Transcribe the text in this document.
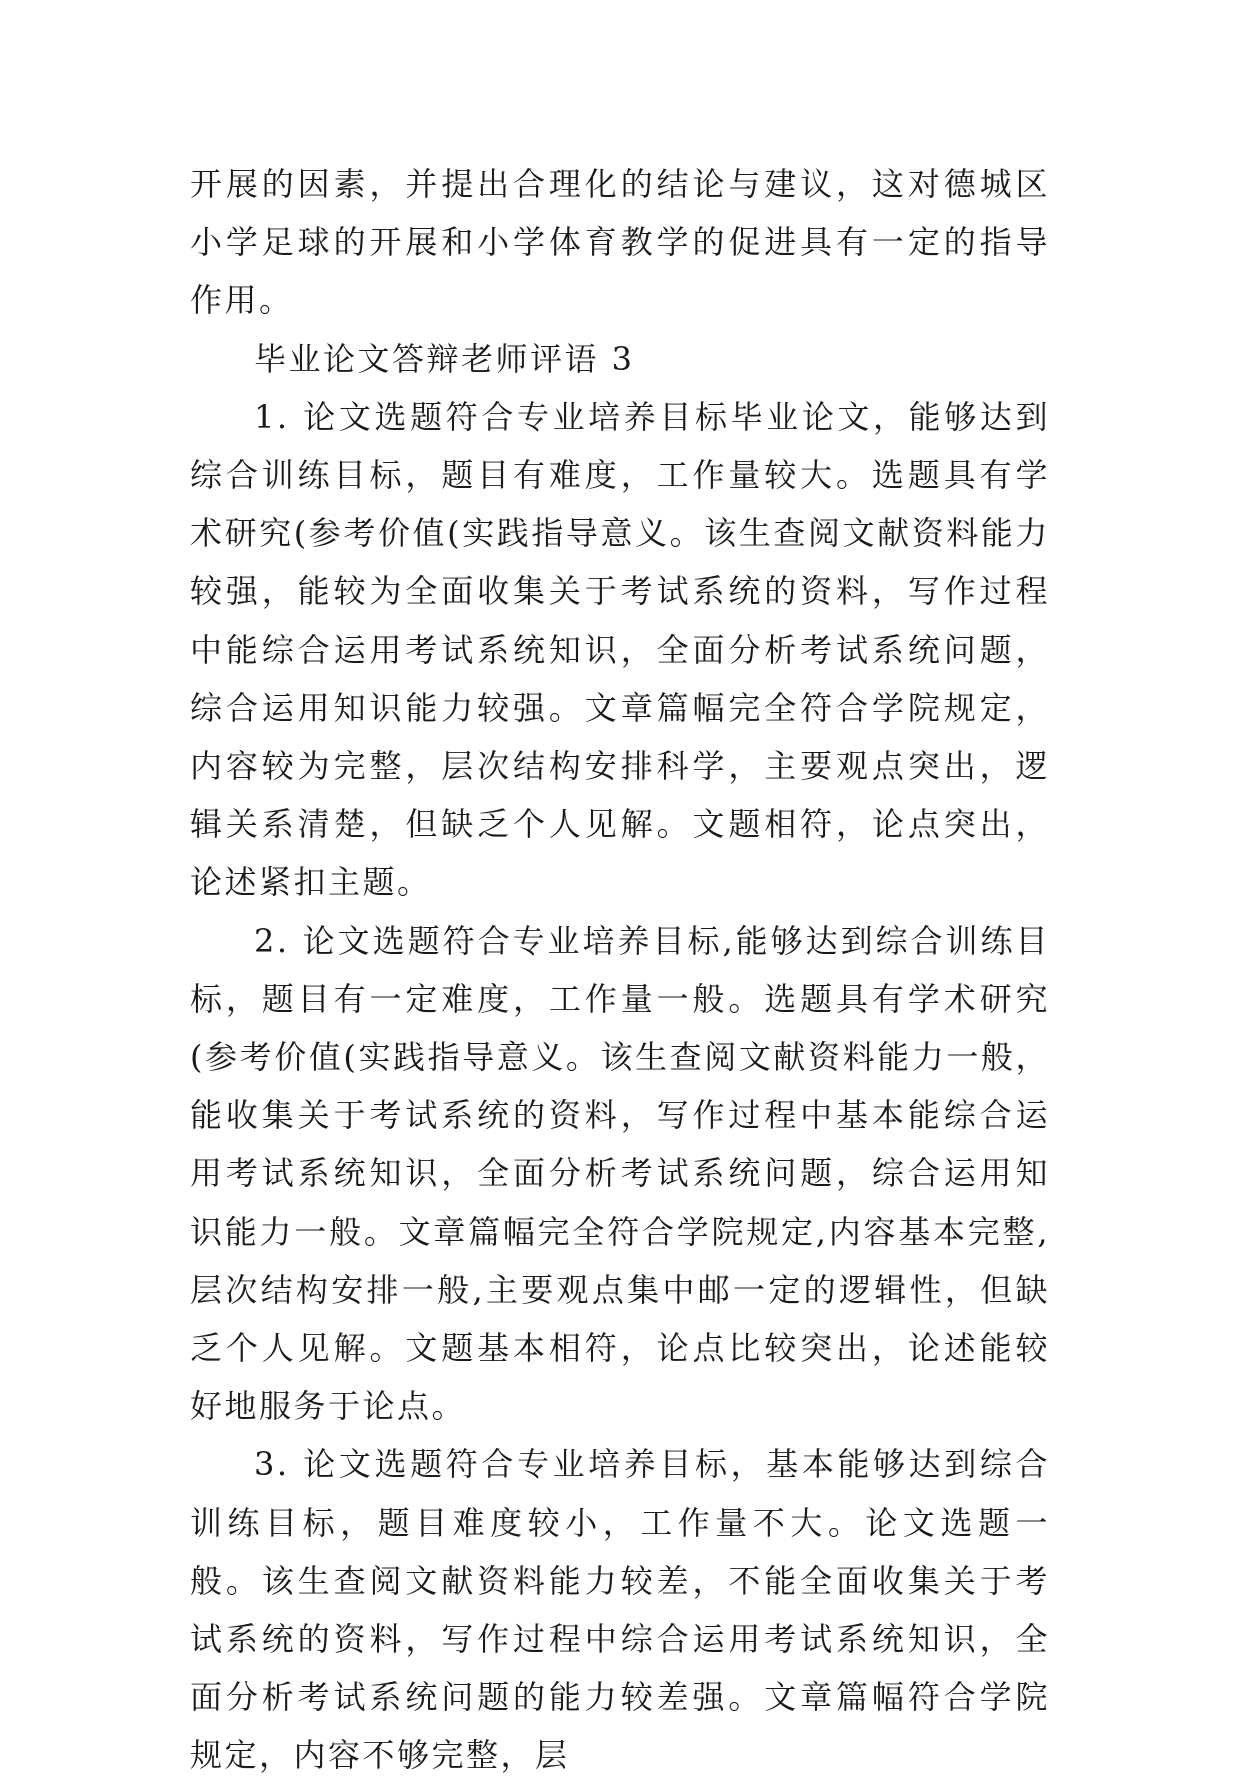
开展的因素，并提出合理化的结论与建议，这对德城区小学足球的开展和小学体育教学的促进具有一定的指导作用。

毕业论文答辩老师评语 3

1. 论文选题符合专业培养目标毕业论文，能够达到综合训练目标，题目有难度，工作量较大。选题具有学术研究(参考价值(实践指导意义。该生查阅文献资料能力较强，能较为全面收集关于考试系统的资料，写作过程中能综合运用考试系统知识，全面分析考试系统问题，综合运用知识能力较强。文章篇幅完全符合学院规定，内容较为完整，层次结构安排科学，主要观点突出，逻辑关系清楚，但缺乏个人见解。文题相符，论点突出，论述紧扣主题。

2. 论文选题符合专业培养目标,能够达到综合训练目标，题目有一定难度，工作量一般。选题具有学术研究(参考价值(实践指导意义。该生查阅文献资料能力一般，能收集关于考试系统的资料，写作过程中基本能综合运用考试系统知识，全面分析考试系统问题，综合运用知识能力一般。文章篇幅完全符合学院规定,内容基本完整,层次结构安排一般,主要观点集中邮一定的逻辑性，但缺乏个人见解。文题基本相符，论点比较突出，论述能较好地服务于论点。

3. 论文选题符合专业培养目标，基本能够达到综合训练目标，题目难度较小，工作量不大。论文选题一般。该生查阅文献资料能力较差，不能全面收集关于考试系统的资料，写作过程中综合运用考试系统知识，全面分析考试系统问题的能力较差强。文章篇幅符合学院规定，内容不够完整，层
